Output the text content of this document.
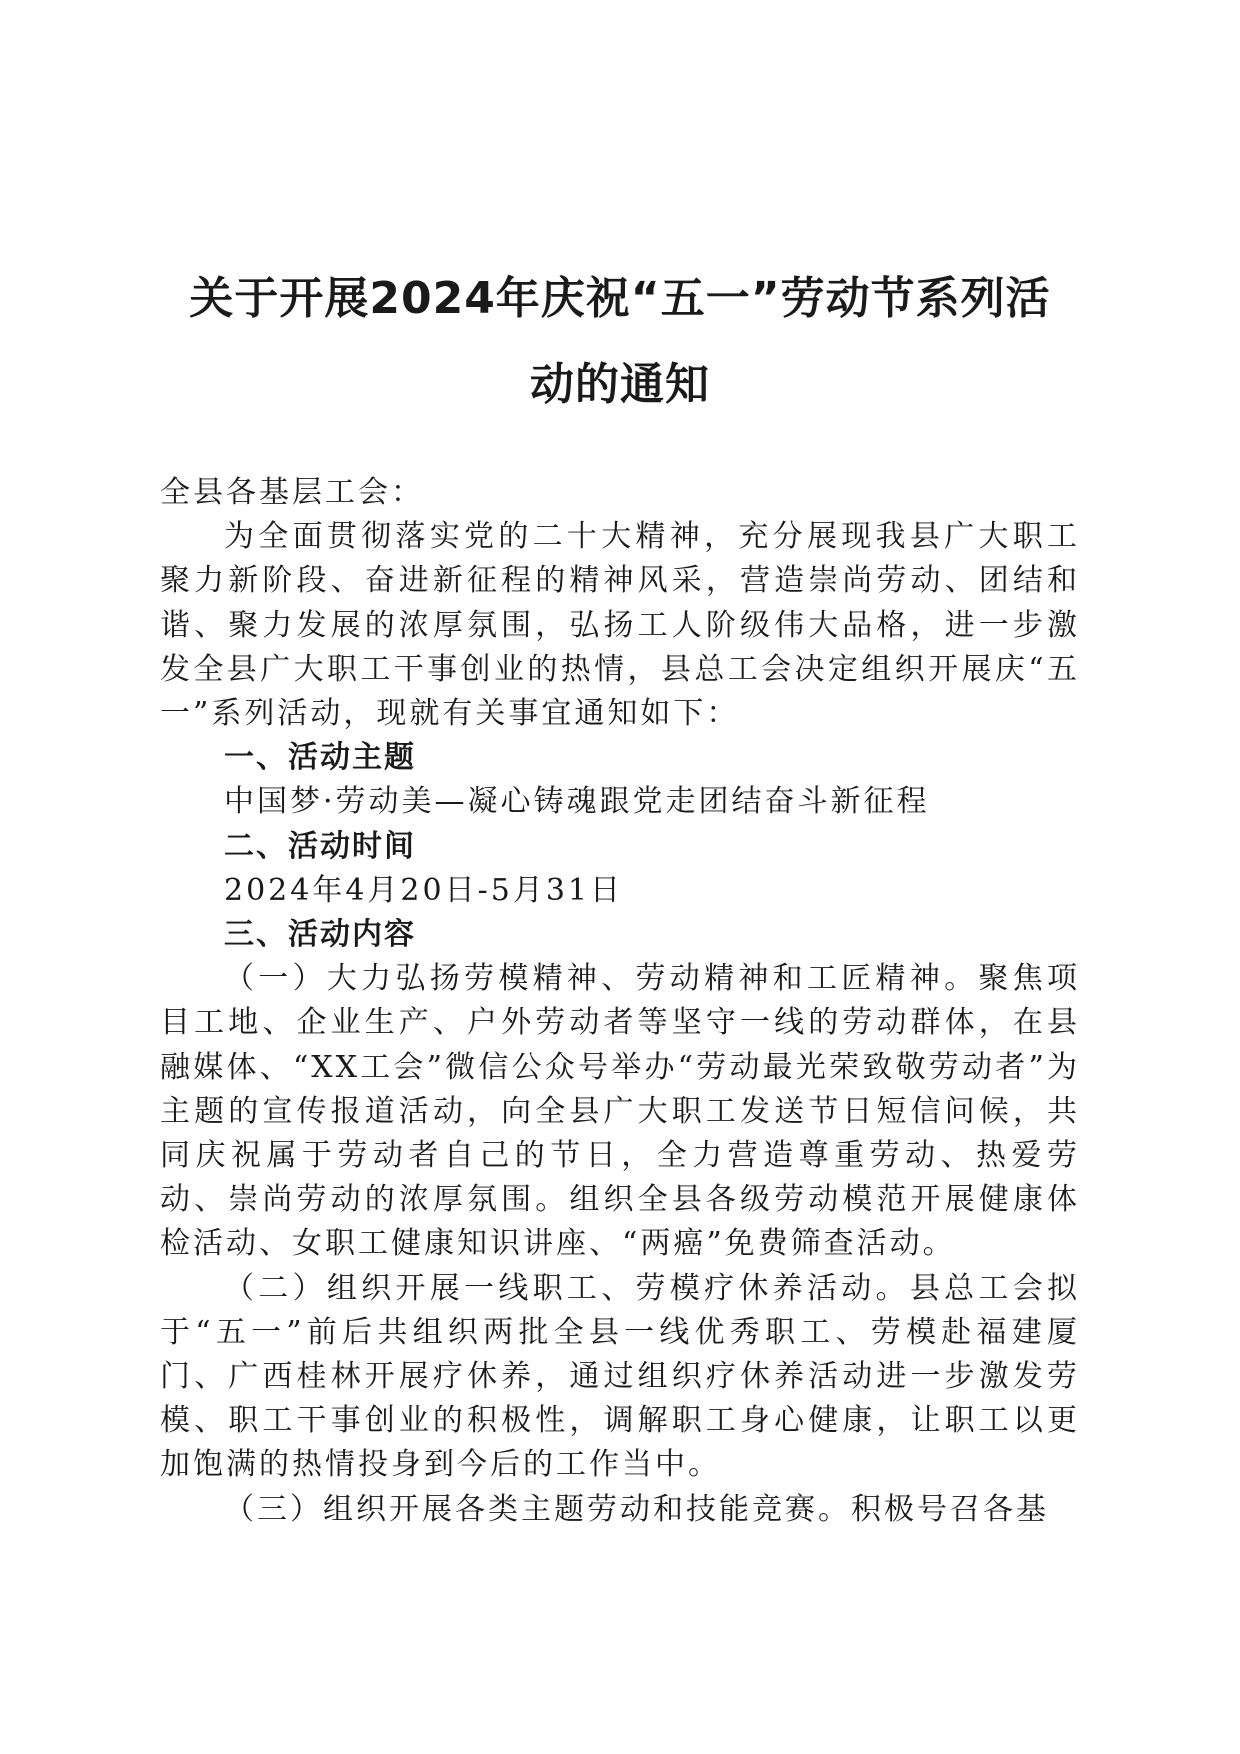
关于开展2024年庆祝“五一”劳动节系列活
动的通知

全县各基层工会：

为全面贯彻落实党的二十大精神，充分展现我县广大职工聚力新阶段、奋进新征程的精神风采，营造崇尚劳动、团结和谐、聚力发展的浓厚氛围，弘扬工人阶级伟大品格，进一步激发全县广大职工干事创业的热情，县总工会决定组织开展庆“五一”系列活动，现就有关事宜通知如下：

一、活动主题

中国梦·劳动美—凝心铸魂跟党走团结奋斗新征程

二、活动时间

2024年4月20日-5月31日

三、活动内容

（一）大力弘扬劳模精神、劳动精神和工匠精神。聚焦项目工地、企业生产、户外劳动者等坚守一线的劳动群体，在县融媒体、“XX工会”微信公众号举办“劳动最光荣致敬劳动者”为主题的宣传报道活动，向全县广大职工发送节日短信问候，共同庆祝属于劳动者自己的节日，全力营造尊重劳动、热爱劳动、崇尚劳动的浓厚氛围。组织全县各级劳动模范开展健康体检活动、女职工健康知识讲座、“两癌”免费筛查活动。

（二）组织开展一线职工、劳模疗休养活动。县总工会拟于“五一”前后共组织两批全县一线优秀职工、劳模赴福建厦门、广西桂林开展疗休养，通过组织疗休养活动进一步激发劳模、职工干事创业的积极性，调解职工身心健康，让职工以更加饱满的热情投身到今后的工作当中。

（三）组织开展各类主题劳动和技能竞赛。积极号召各基
